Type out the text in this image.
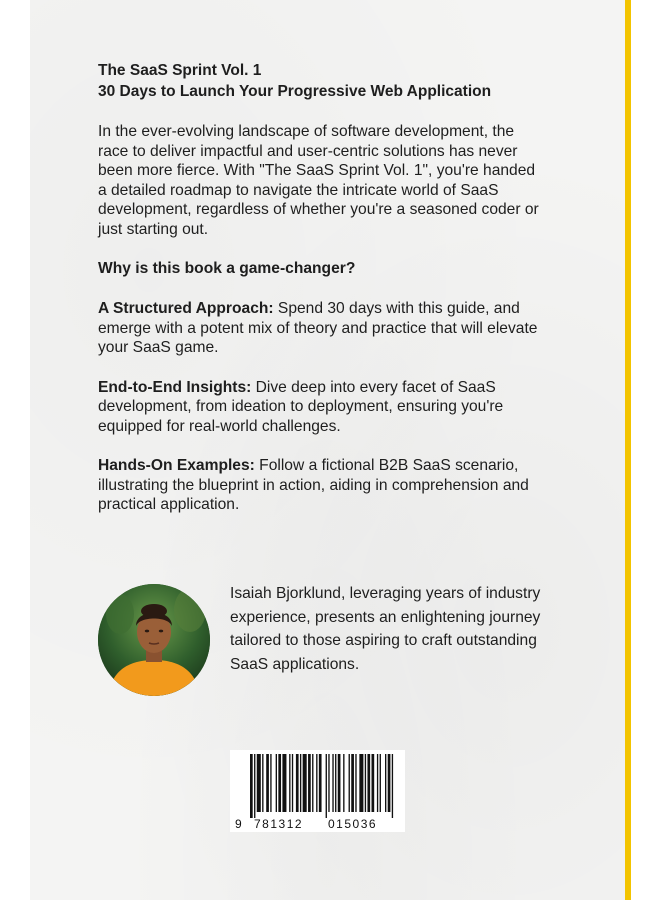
The SaaS Sprint Vol. 1
30 Days to Launch Your Progressive Web Application

In the ever-evolving landscape of software development, the race to deliver impactful and user-centric solutions has never been more fierce. With "The SaaS Sprint Vol. 1", you're handed a detailed roadmap to navigate the intricate world of SaaS development, regardless of whether you're a seasoned coder or just starting out.

Why is this book a game-changer?

A Structured Approach: Spend 30 days with this guide, and emerge with a potent mix of theory and practice that will elevate your SaaS game.

End-to-End Insights: Dive deep into every facet of SaaS development, from ideation to deployment, ensuring you're equipped for real-world challenges.

Hands-On Examples: Follow a fictional B2B SaaS scenario, illustrating the blueprint in action, aiding in comprehension and practical application.

Isaiah Bjorklund, leveraging years of industry experience, presents an enlightening journey tailored to those aspiring to craft outstanding SaaS applications.

9 781312 015036
